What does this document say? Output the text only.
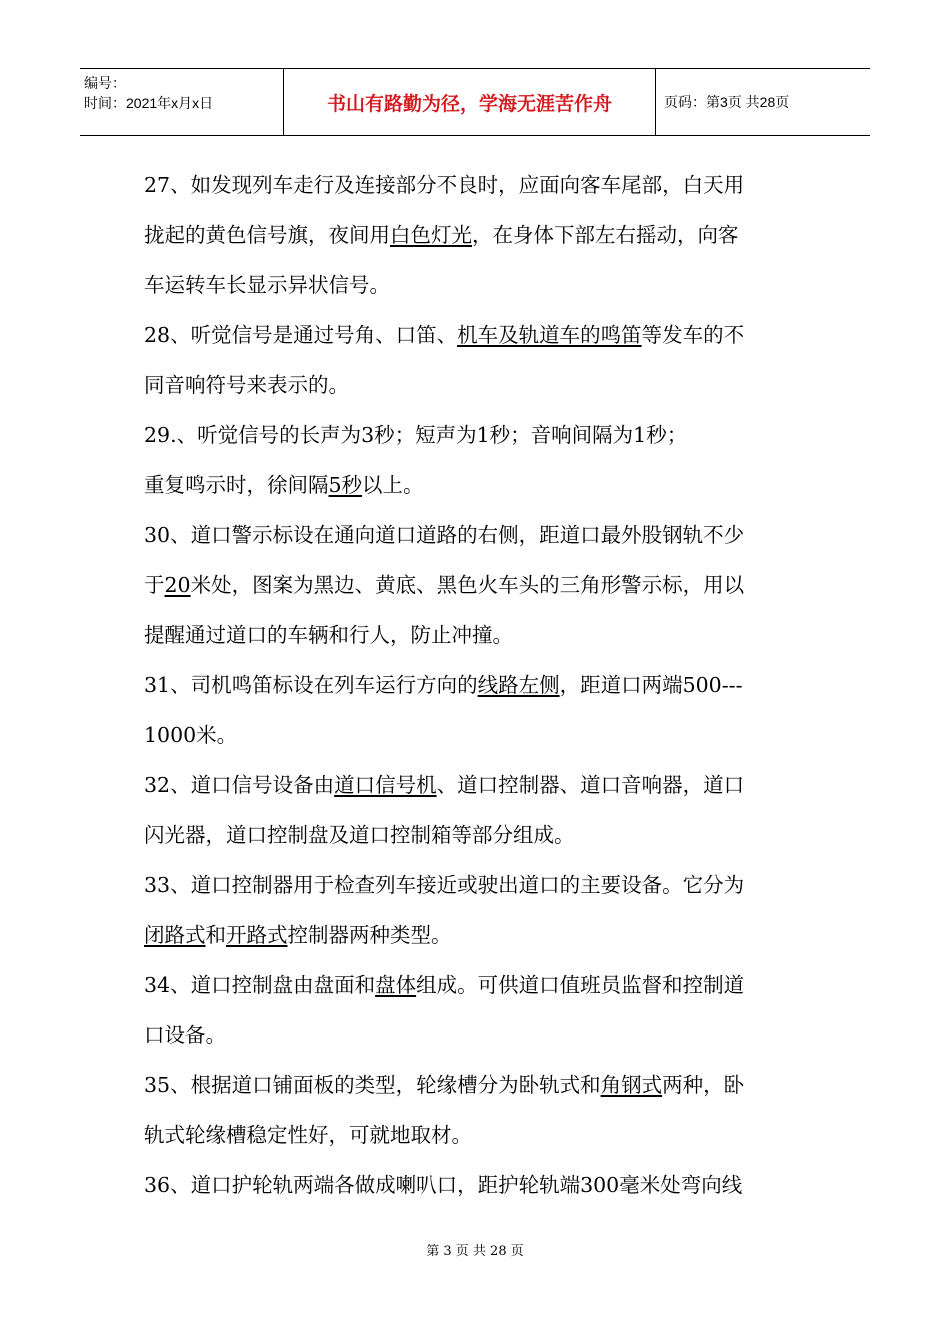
编号：
时间：2021年x月x日	书山有路勤为径，学海无涯苦作舟	页码：第3页 共28页
27、如发现列车走行及连接部分不良时，应面向客车尾部，白天用
拢起的黄色信号旗，夜间用白色灯光，在身体下部左右摇动，向客
车运转车长显示异状信号。
28、听觉信号是通过号角、口笛、机车及轨道车的鸣笛等发车的不
同音响符号来表示的。
29.、听觉信号的长声为3秒；短声为1秒；音响间隔为1秒；
重复鸣示时，徐间隔5秒以上。
30、道口警示标设在通向道口道路的右侧，距道口最外股钢轨不少
于20米处，图案为黑边、黄底、黑色火车头的三角形警示标，用以
提醒通过道口的车辆和行人，防止冲撞。
31、司机鸣笛标设在列车运行方向的线路左侧，距道口两端500---
1000米。
32、道口信号设备由道口信号机、道口控制器、道口音响器，道口
闪光器，道口控制盘及道口控制箱等部分组成。
33、道口控制器用于检查列车接近或驶出道口的主要设备。它分为
闭路式和开路式控制器两种类型。
34、道口控制盘由盘面和盘体组成。可供道口值班员监督和控制道
口设备。
35、根据道口铺面板的类型，轮缘槽分为卧轨式和角钢式两种，卧
轨式轮缘槽稳定性好，可就地取材。
36、道口护轮轨两端各做成喇叭口，距护轮轨端300毫米处弯向线
第 3 页 共 28 页
